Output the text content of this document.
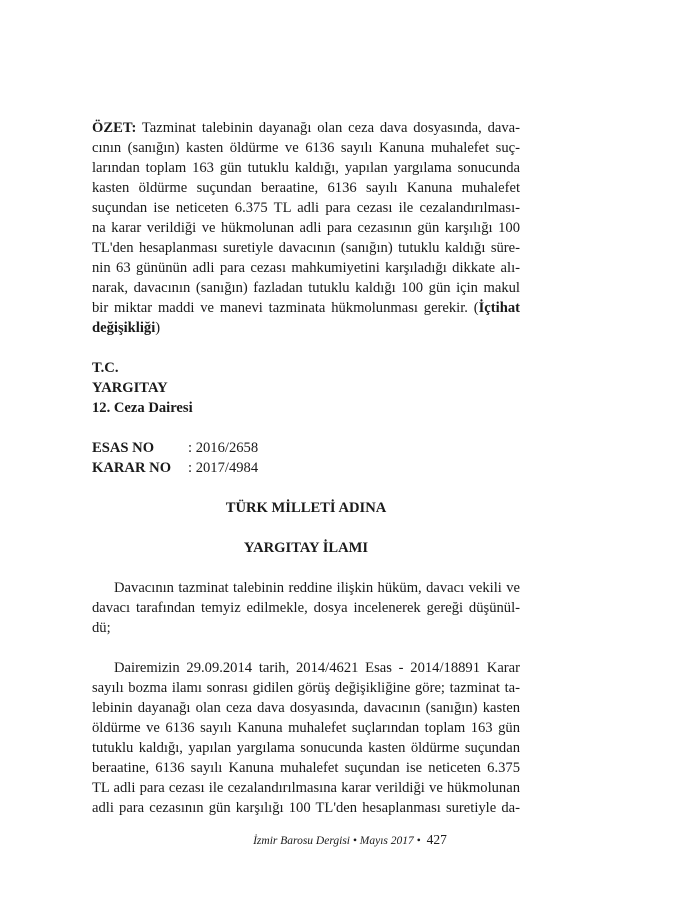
ÖZET: Tazminat talebinin dayanağı olan ceza dava dosyasında, dava-
cının (sanığın) kasten öldürme ve 6136 sayılı Kanuna muhalefet suç-
larından toplam 163 gün tutuklu kaldığı, yapılan yargılama sonucunda
kasten öldürme suçundan beraatine, 6136 sayılı Kanuna muhalefet
suçundan ise neticeten 6.375 TL adli para cezası ile cezalandırılması-
na karar verildiği ve hükmolunan adli para cezasının gün karşılığı 100
TL'den hesaplanması suretiyle davacının (sanığın) tutuklu kaldığı süre-
nin 63 gününün adli para cezası mahkumiyetini karşıladığı dikkate alı-
narak, davacının (sanığın) fazladan tutuklu kaldığı 100 gün için makul
bir miktar maddi ve manevi tazminata hükmolunması gerekir. (İçtihat
değişikliği)
T.C.
YARGITAY
12. Ceza Dairesi
ESAS NO : 2016/2658
KARAR NO : 2017/4984
TÜRK MİLLETİ ADINA
YARGITAY İLAMI
Davacının tazminat talebinin reddine ilişkin hüküm, davacı vekili ve
davacı tarafından temyiz edilmekle, dosya incelenerek gereği düşünül-
dü;
Dairemizin 29.09.2014 tarih, 2014/4621 Esas - 2014/18891 Karar
sayılı bozma ilamı sonrası gidilen görüş değişikliğine göre; tazminat ta-
lebinin dayanağı olan ceza dava dosyasında, davacının (sanığın) kasten
öldürme ve 6136 sayılı Kanuna muhalefet suçlarından toplam 163 gün
tutuklu kaldığı, yapılan yargılama sonucunda kasten öldürme suçundan
beraatine, 6136 sayılı Kanuna muhalefet suçundan ise neticeten 6.375
TL adli para cezası ile cezalandırılmasına karar verildiği ve hükmolunan
adli para cezasının gün karşılığı 100 TL'den hesaplanması suretiyle da-
İzmir Barosu Dergisi • Mayıs 2017 • 427
